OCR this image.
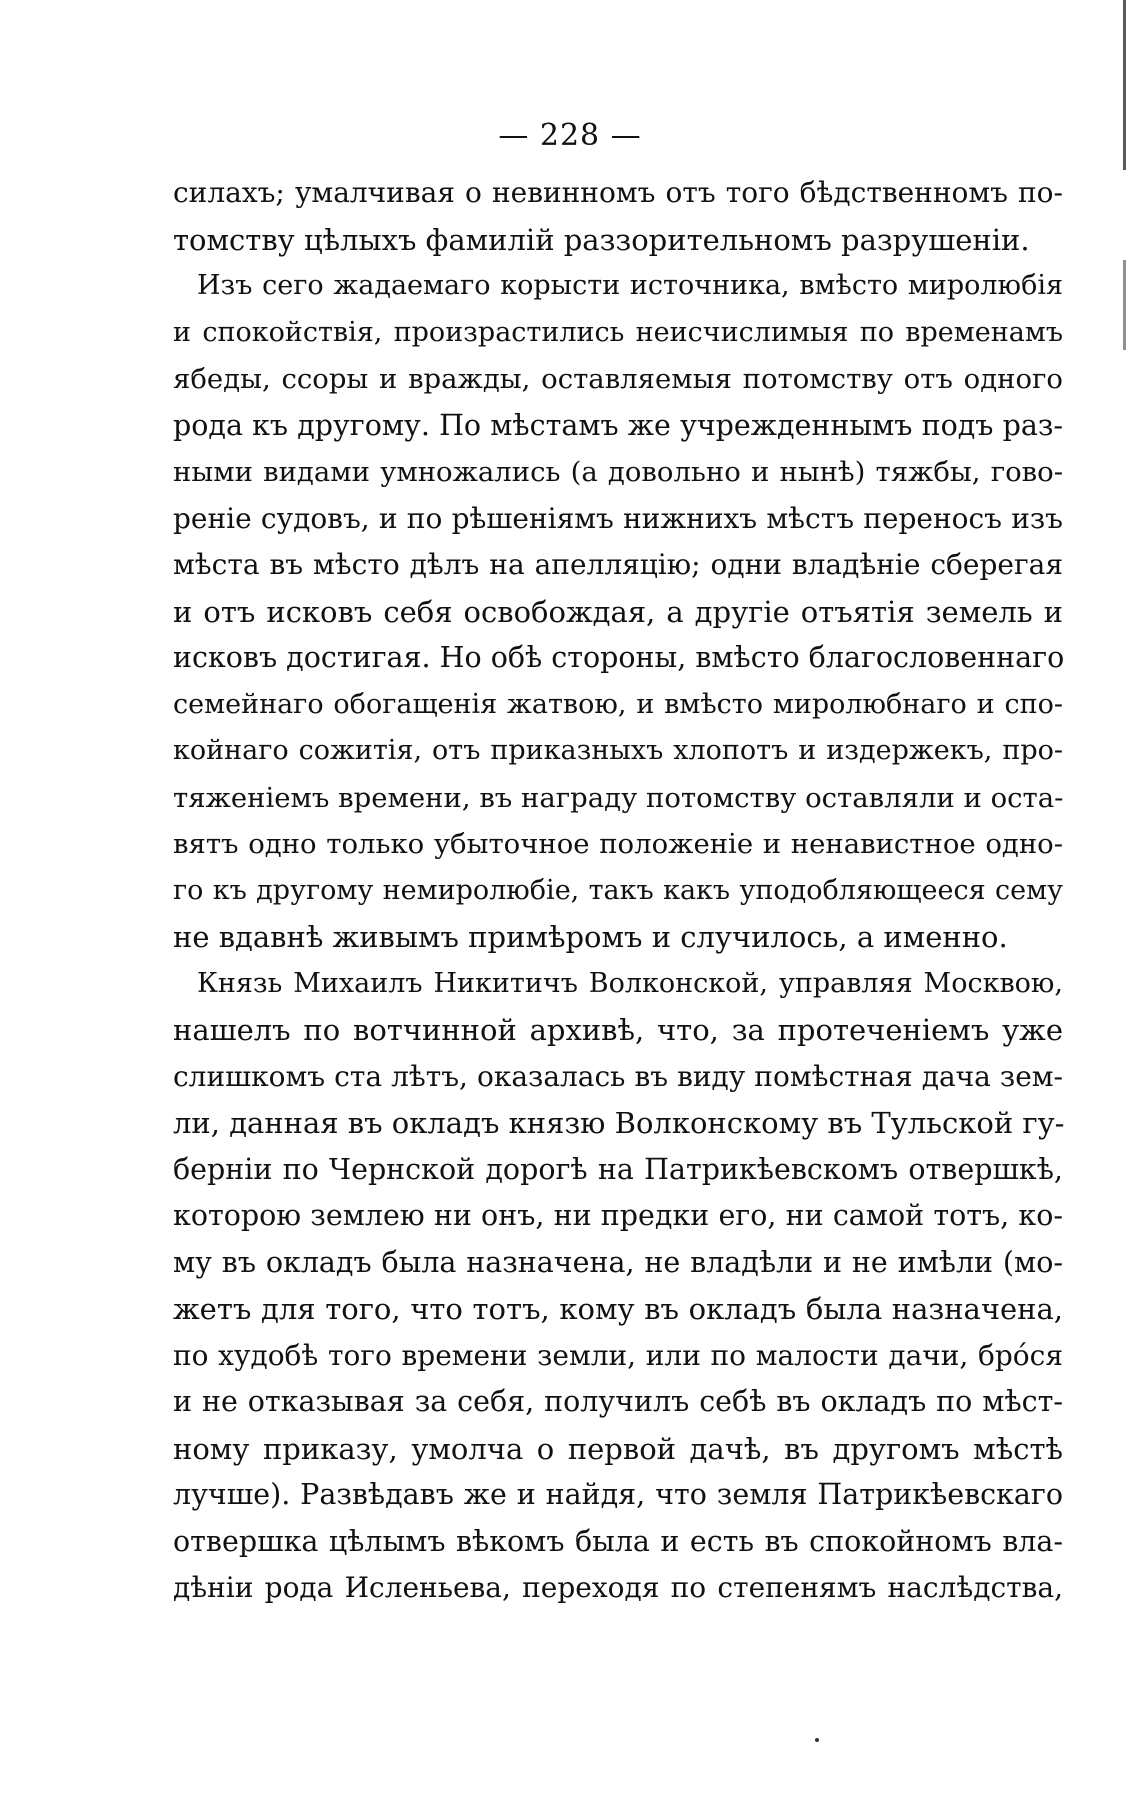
— 228 —
силахъ; умалчивая о невинномъ отъ того бѣдственномъ по-
томству цѣлыхъ фамилій раззорительномъ разрушеніи.
Изъ сего жадаемаго корысти источника, вмѣсто миролюбія
и спокойствія, произрастились неисчислимыя по временамъ
ябеды, ссоры и вражды, оставляемыя потомству отъ одного
рода къ другому. По мѣстамъ же учрежденнымъ подъ раз-
ными видами умножались (а довольно и нынѣ) тяжбы, гово-
реніе судовъ, и по рѣшеніямъ нижнихъ мѣстъ переносъ изъ
мѣста въ мѣсто дѣлъ на апелляцію; одни владѣніе сберегая
и отъ исковъ себя освобождая, а другіе отъятія земель и
исковъ достигая. Но обѣ стороны, вмѣсто благословеннаго
семейнаго обогащенія жатвою, и вмѣсто миролюбнаго и спо-
койнаго сожитія, отъ приказныхъ хлопотъ и издержекъ, про-
тяженіемъ времени, въ награду потомству оставляли и оста-
вятъ одно только убыточное положеніе и ненавистное одно-
го къ другому немиролюбіе, такъ какъ уподобляющееся сему
не вдавнѣ живымъ примѣромъ и случилось, а именно.
Князь Михаилъ Никитичъ Волконской, управляя Москвою,
нашелъ по вотчинной архивѣ, что, за протеченіемъ уже
слишкомъ ста лѣтъ, оказалась въ виду помѣстная дача зем-
ли, данная въ окладъ князю Волконскому въ Тульской гу-
берніи по Чернской дорогѣ на Патрикѣевскомъ отвершкѣ,
которою землею ни онъ, ни предки его, ни самой тотъ, ко-
му въ окладъ была назначена, не владѣли и не имѣли (мо-
жетъ для того, что тотъ, кому въ окладъ была назначена,
по худобѣ того времени земли, или по малости дачи, бро́ся
и не отказывая за себя, получилъ себѣ въ окладъ по мѣст-
ному приказу, умолча о первой дачѣ, въ другомъ мѣстѣ
лучше). Развѣдавъ же и найдя, что земля Патрикѣевскаго
отвершка цѣлымъ вѣкомъ была и есть въ спокойномъ вла-
дѣніи рода Исленьева, переходя по степенямъ наслѣдства,
